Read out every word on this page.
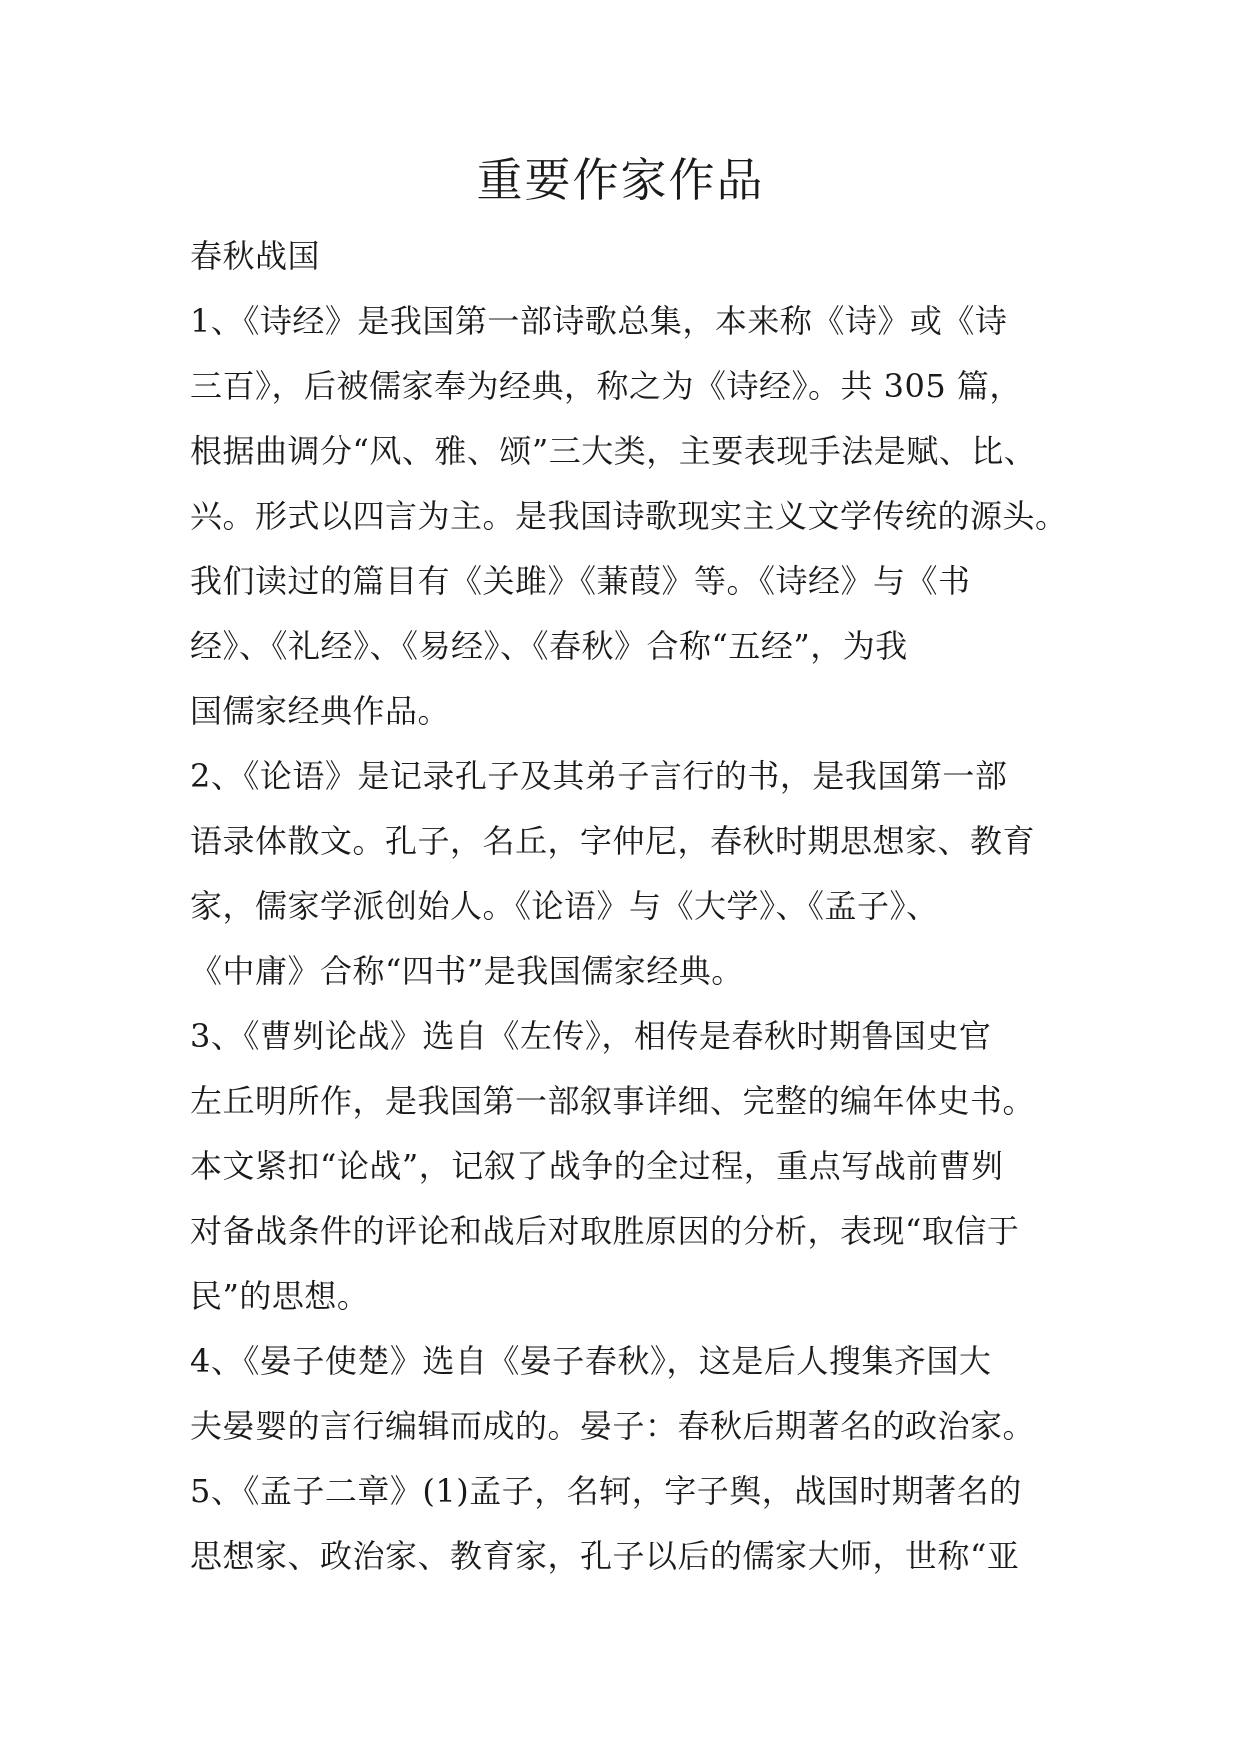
重要作家作品
春秋战国
1、《诗经》是我国第一部诗歌总集，本来称《诗》或《诗
三百》，后被儒家奉为经典，称之为《诗经》。共 305 篇，
根据曲调分“风、雅、颂”三大类，主要表现手法是赋、比、
兴。形式以四言为主。是我国诗歌现实主义文学传统的源头。
我们读过的篇目有《关雎》《蒹葭》等。《诗经》与《书
经》、《礼经》、《易经》、《春秋》合称“五经”，为我
国儒家经典作品。
2、《论语》是记录孔子及其弟子言行的书，是我国第一部
语录体散文。孔子，名丘，字仲尼，春秋时期思想家、教育
家，儒家学派创始人。《论语》与《大学》、《孟子》、
《中庸》合称“四书”是我国儒家经典。
3、《曹刿论战》选自《左传》，相传是春秋时期鲁国史官
左丘明所作，是我国第一部叙事详细、完整的编年体史书。
本文紧扣“论战”，记叙了战争的全过程，重点写战前曹刿
对备战条件的评论和战后对取胜原因的分析，表现“取信于
民”的思想。
4、《晏子使楚》选自《晏子春秋》，这是后人搜集齐国大
夫晏婴的言行编辑而成的。晏子：春秋后期著名的政治家。
5、《孟子二章》(1)孟子，名轲，字子舆，战国时期著名的
思想家、政治家、教育家，孔子以后的儒家大师，世称“亚
